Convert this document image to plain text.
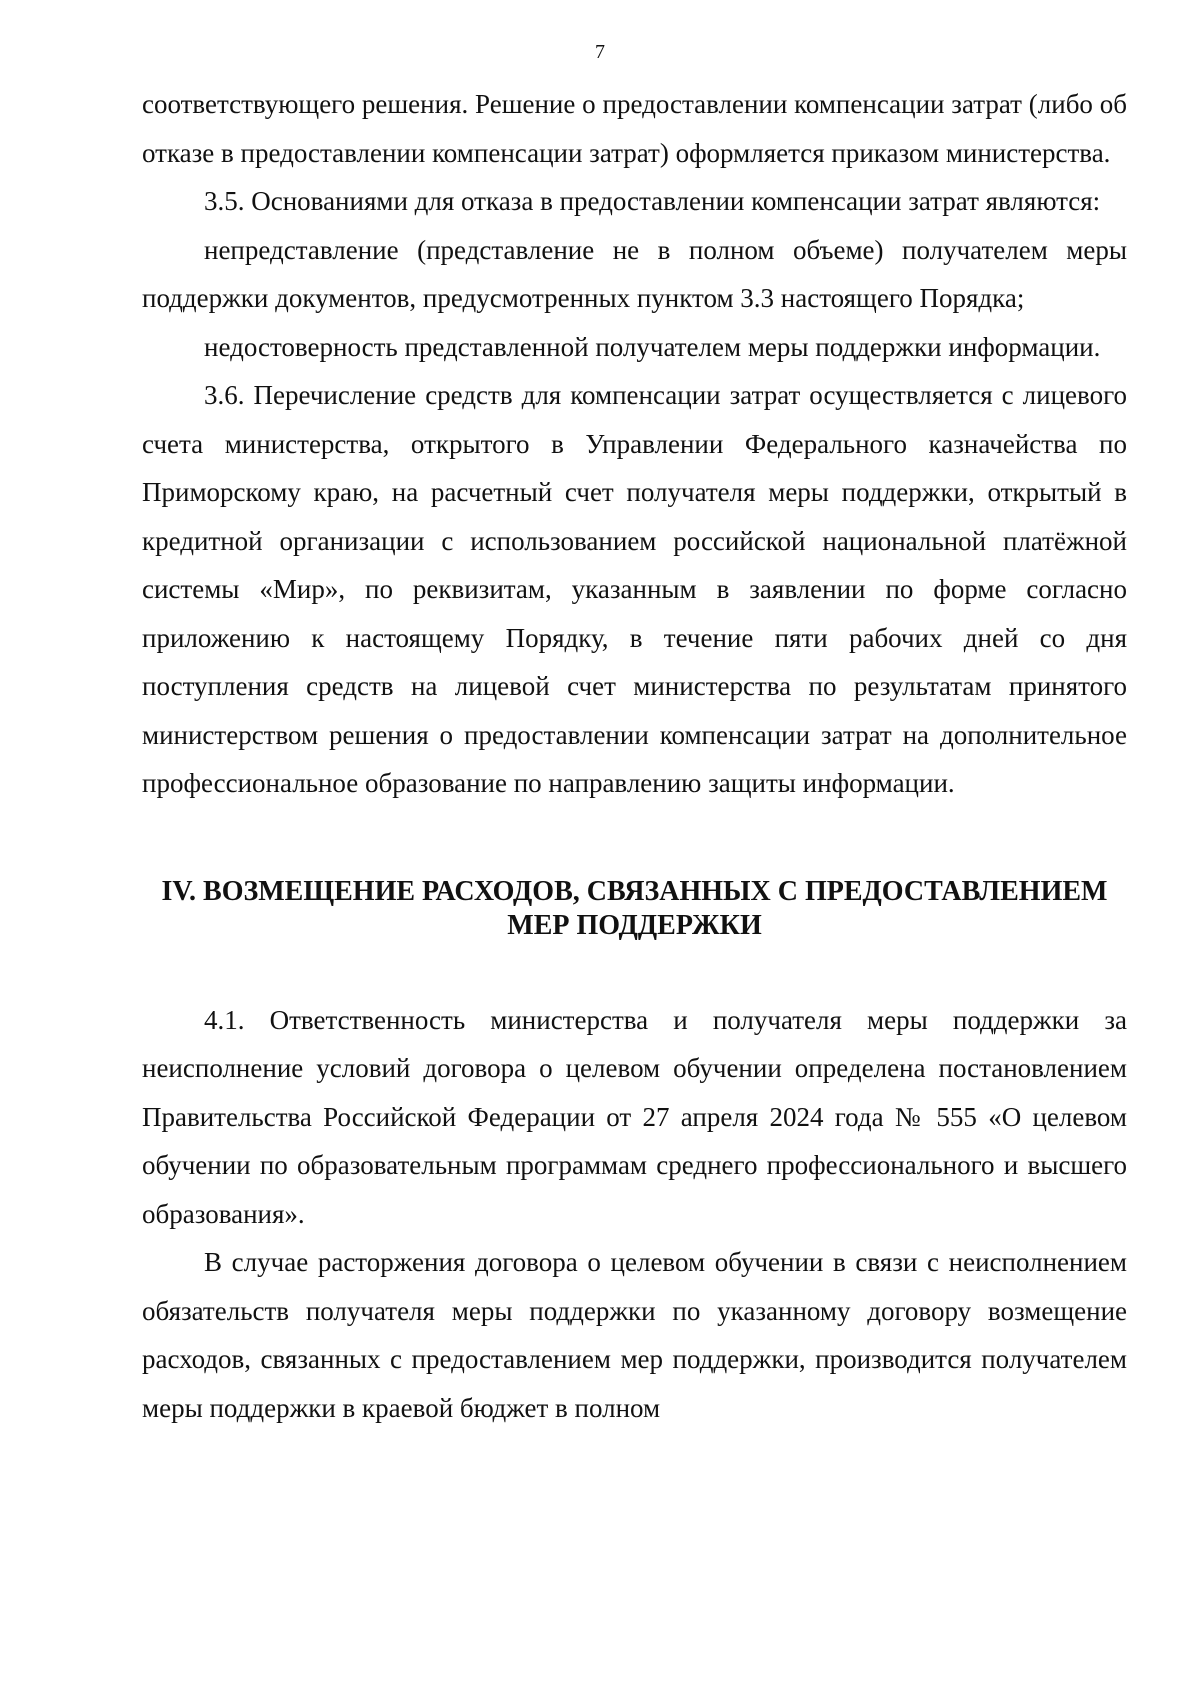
7

соответствующего решения. Решение о предоставлении компенсации затрат (либо об отказе в предоставлении компенсации затрат) оформляется приказом министерства.

3.5. Основаниями для отказа в предоставлении компенсации затрат являются:

непредставление (представление не в полном объеме) получателем меры поддержки документов, предусмотренных пунктом 3.3 настоящего Порядка;

недостоверность представленной получателем меры поддержки информации.

3.6. Перечисление средств для компенсации затрат осуществляется с лицевого счета министерства, открытого в Управлении Федерального казначейства по Приморскому краю, на расчетный счет получателя меры поддержки, открытый в кредитной организации с использованием российской национальной платёжной системы «Мир», по реквизитам, указанным в заявлении по форме согласно приложению к настоящему Порядку, в течение пяти рабочих дней со дня поступления средств на лицевой счет министерства по результатам принятого министерством решения о предоставлении компенсации затрат на дополнительное профессиональное образование по направлению защиты информации.

IV. ВОЗМЕЩЕНИЕ РАСХОДОВ, СВЯЗАННЫХ С ПРЕДОСТАВЛЕНИЕМ
МЕР ПОДДЕРЖКИ

4.1. Ответственность министерства и получателя меры поддержки за неисполнение условий договора о целевом обучении определена постановлением Правительства Российской Федерации от 27 апреля 2024 года № 555 «О целевом обучении по образовательным программам среднего профессионального и высшего образования».

В случае расторжения договора о целевом обучении в связи с неисполнением обязательств получателя меры поддержки по указанному договору возмещение расходов, связанных с предоставлением мер поддержки, производится получателем меры поддержки в краевой бюджет в полном
